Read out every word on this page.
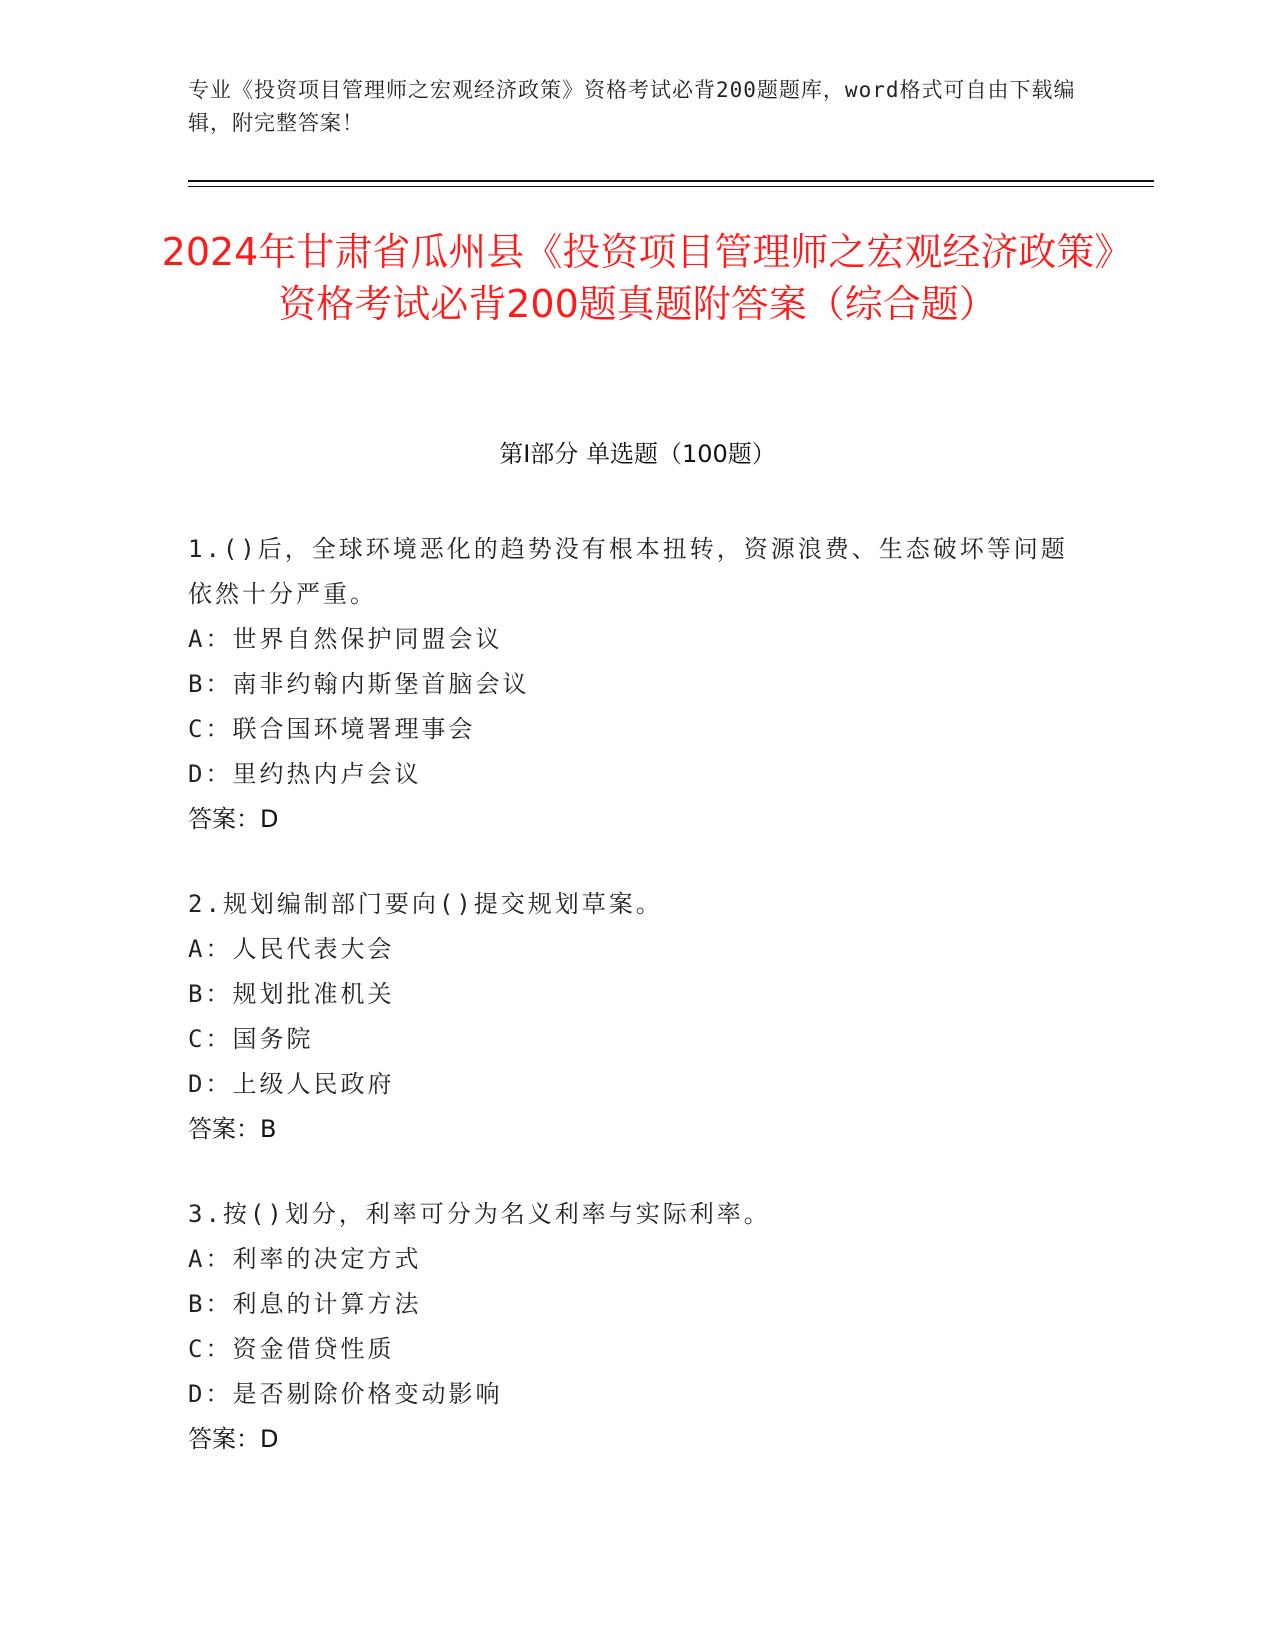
专业《投资项目管理师之宏观经济政策》资格考试必背200题题库，word格式可自由下载编辑，附完整答案！
2024年甘肃省瓜州县《投资项目管理师之宏观经济政策》资格考试必背200题真题附答案（综合题）
第I部分 单选题（100题）
1.()后，全球环境恶化的趋势没有根本扭转，资源浪费、生态破坏等问题依然十分严重。
A：世界自然保护同盟会议
B：南非约翰内斯堡首脑会议
C：联合国环境署理事会
D：里约热内卢会议
答案：D
2.规划编制部门要向()提交规划草案。
A：人民代表大会
B：规划批准机关
C：国务院
D：上级人民政府
答案：B
3.按()划分，利率可分为名义利率与实际利率。
A：利率的决定方式
B：利息的计算方法
C：资金借贷性质
D：是否剔除价格变动影响
答案：D
